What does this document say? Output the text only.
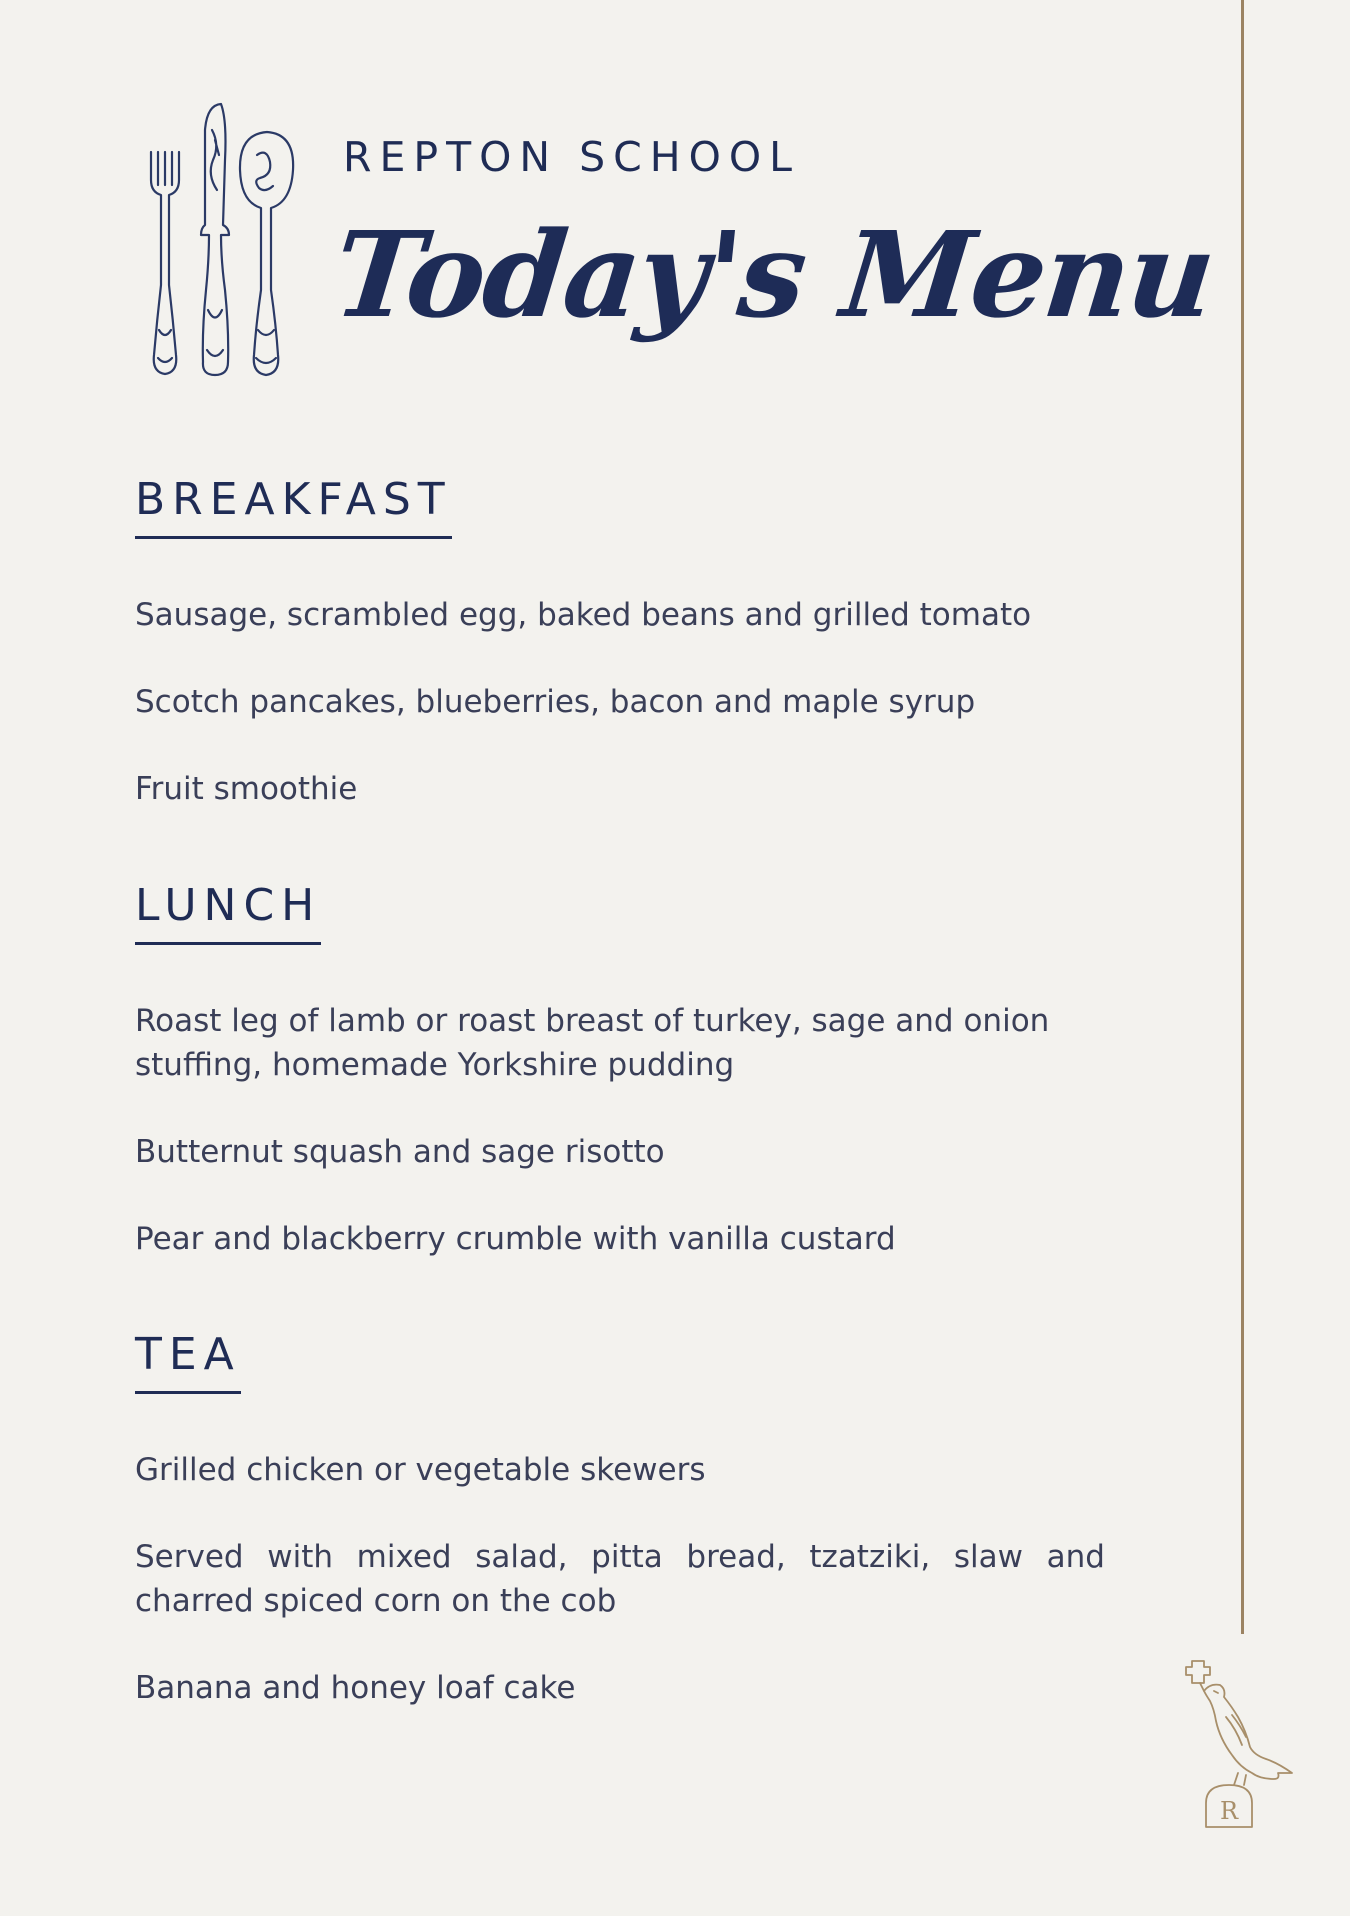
REPTON SCHOOL
Today's Menu
BREAKFAST
Sausage, scrambled egg, baked beans and grilled tomato
Scotch pancakes, blueberries, bacon and maple syrup
Fruit smoothie
LUNCH
Roast leg of lamb or roast breast of turkey, sage and onion stuffing, homemade Yorkshire pudding
Butternut squash and sage risotto
Pear and blackberry crumble with vanilla custard
TEA
Grilled chicken or vegetable skewers
Served with mixed salad, pitta bread, tzatziki, slaw and charred spiced corn on the cob
Banana and honey loaf cake
R
